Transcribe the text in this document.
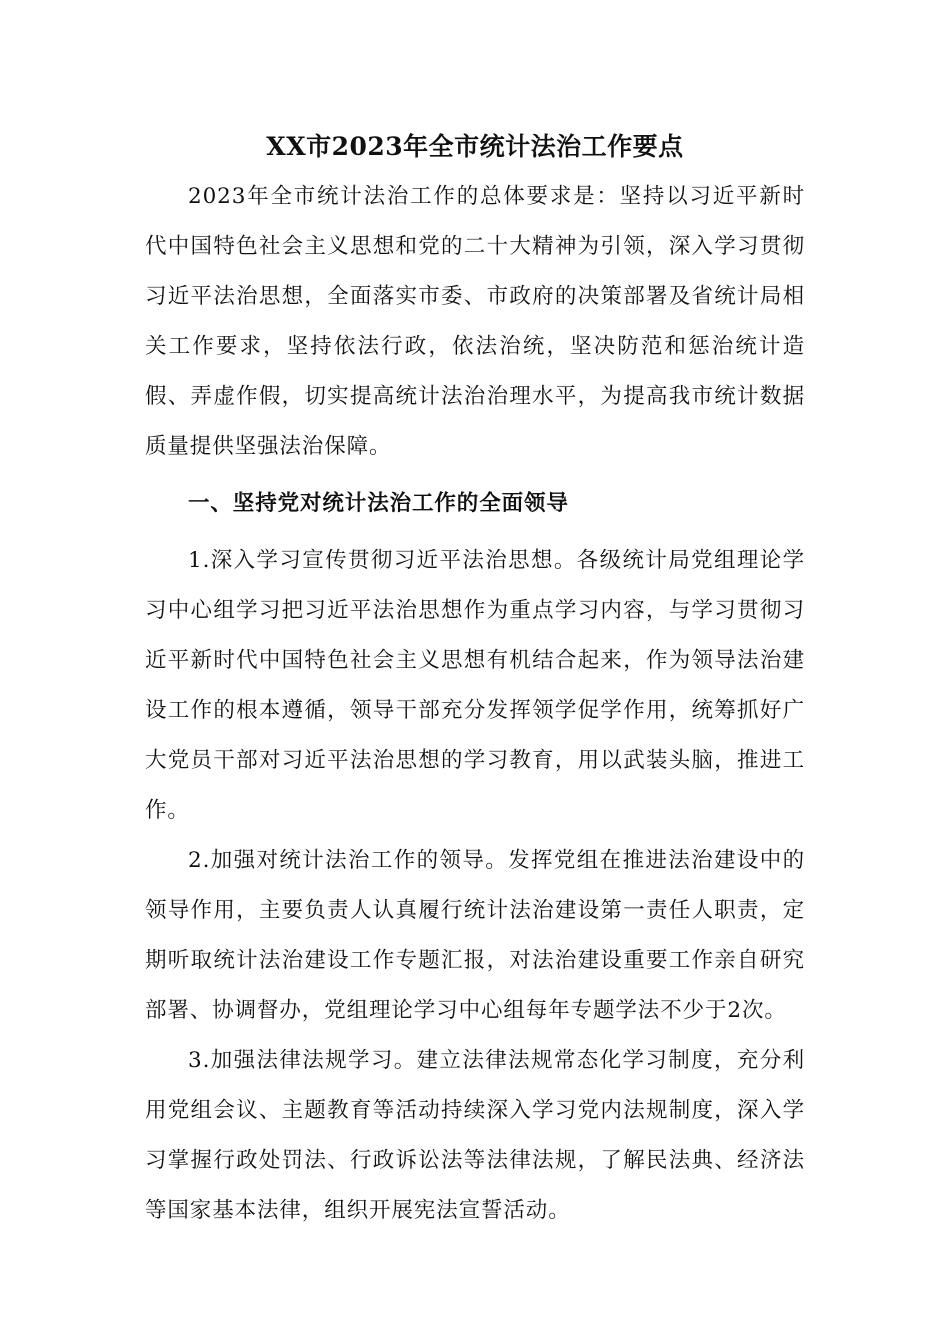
XX市2023年全市统计法治工作要点

2023年全市统计法治工作的总体要求是：坚持以习近平新时代中国特色社会主义思想和党的二十大精神为引领，深入学习贯彻习近平法治思想，全面落实市委、市政府的决策部署及省统计局相关工作要求，坚持依法行政，依法治统，坚决防范和惩治统计造假、弄虚作假，切实提高统计法治治理水平，为提高我市统计数据质量提供坚强法治保障。

一、坚持党对统计法治工作的全面领导

1.深入学习宣传贯彻习近平法治思想。各级统计局党组理论学习中心组学习把习近平法治思想作为重点学习内容，与学习贯彻习近平新时代中国特色社会主义思想有机结合起来，作为领导法治建设工作的根本遵循，领导干部充分发挥领学促学作用，统筹抓好广大党员干部对习近平法治思想的学习教育，用以武装头脑，推进工作。

2.加强对统计法治工作的领导。发挥党组在推进法治建设中的领导作用，主要负责人认真履行统计法治建设第一责任人职责，定期听取统计法治建设工作专题汇报，对法治建设重要工作亲自研究部署、协调督办，党组理论学习中心组每年专题学法不少于2次。

3.加强法律法规学习。建立法律法规常态化学习制度，充分利用党组会议、主题教育等活动持续深入学习党内法规制度，深入学习掌握行政处罚法、行政诉讼法等法律法规，了解民法典、经济法等国家基本法律，组织开展宪法宣誓活动。
